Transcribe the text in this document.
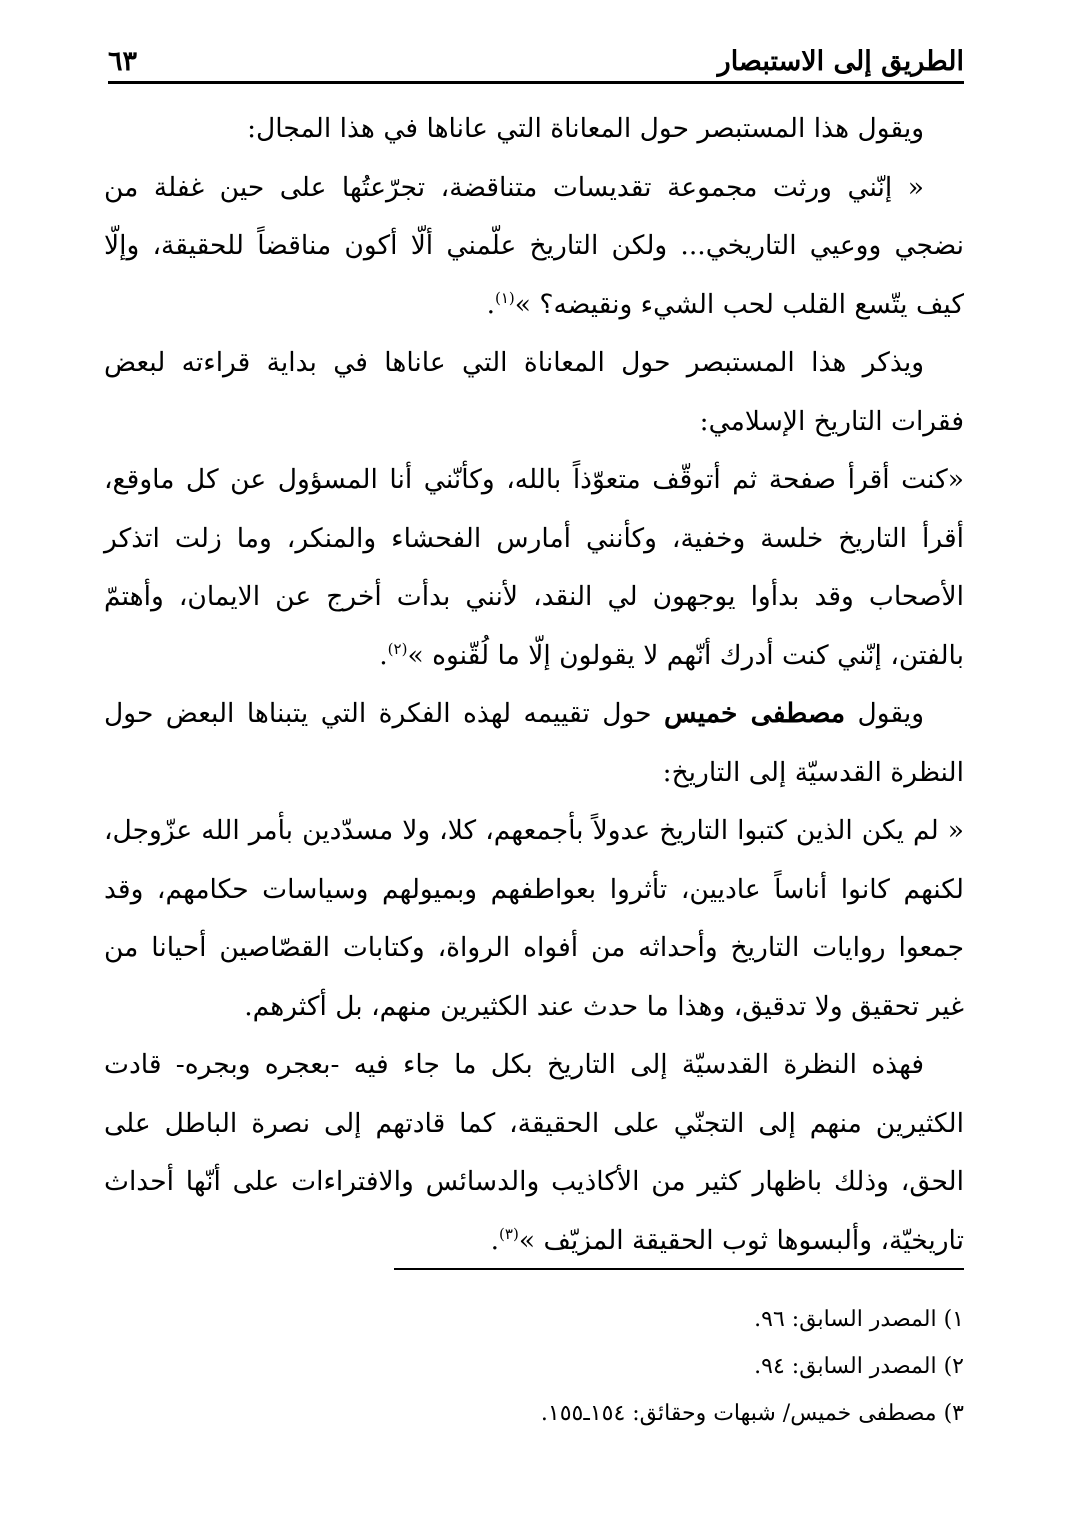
الطريق إلى الاستبصار
٦٣

ويقول هذا المستبصر حول المعاناة التي عاناها في هذا المجال:

« إنّني ورثت مجموعة تقديسات متناقضة، تجرّعتُها على حين غفلة من نضجي ووعيي التاريخي... ولكن التاريخ علّمني ألّا أكون مناقضاً للحقيقة، وإلّا كيف يتّسع القلب لحب الشيء ونقيضه؟ »$^{(١)}$.

ويذكر هذا المستبصر حول المعاناة التي عاناها في بداية قراءته لبعض فقرات التاريخ الإسلامي:

«كنت أقرأ صفحة ثم أتوقّف متعوّذاً بالله، وكأنّني أنا المسؤول عن كل ماوقع، أقرأ التاريخ خلسة وخفية، وكأنني أمارس الفحشاء والمنكر، وما زلت اتذكر الأصحاب وقد بدأوا يوجهون لي النقد، لأنني بدأت أخرج عن الايمان، وأهتمّ بالفتن، إنّني كنت أدرك أنّهم لا يقولون إلّا ما لُقّنوه »$^{(٢)}$.

ويقول مصطفى خميس حول تقييمه لهذه الفكرة التي يتبناها البعض حول النظرة القدسيّة إلى التاريخ:

« لم يكن الذين كتبوا التاريخ عدولاً بأجمعهم، كلا، ولا مسدّدين بأمر الله عزّوجل، لكنهم كانوا أناساً عاديين، تأثروا بعواطفهم وبميولهم وسياسات حكامهم، وقد جمعوا روايات التاريخ وأحداثه من أفواه الرواة، وكتابات القصّاصين أحيانا من غير تحقيق ولا تدقيق، وهذا ما حدث عند الكثيرين منهم، بل أكثرهم.

فهذه النظرة القدسيّة إلى التاريخ بكل ما جاء فيه -بعجره وبجره- قادت الكثيرين منهم إلى التجنّي على الحقيقة، كما قادتهم إلى نصرة الباطل على الحق، وذلك باظهار كثير من الأكاذيب والدسائس والافتراءات على أنّها أحداث تاريخيّة، وألبسوها ثوب الحقيقة المزيّف »$^{(٣)}$.

١) المصدر السابق: ٩٦.

٢) المصدر السابق: ٩٤.

٣) مصطفى خميس/ شبهات وحقائق: ١٥٤ـ١٥٥.
